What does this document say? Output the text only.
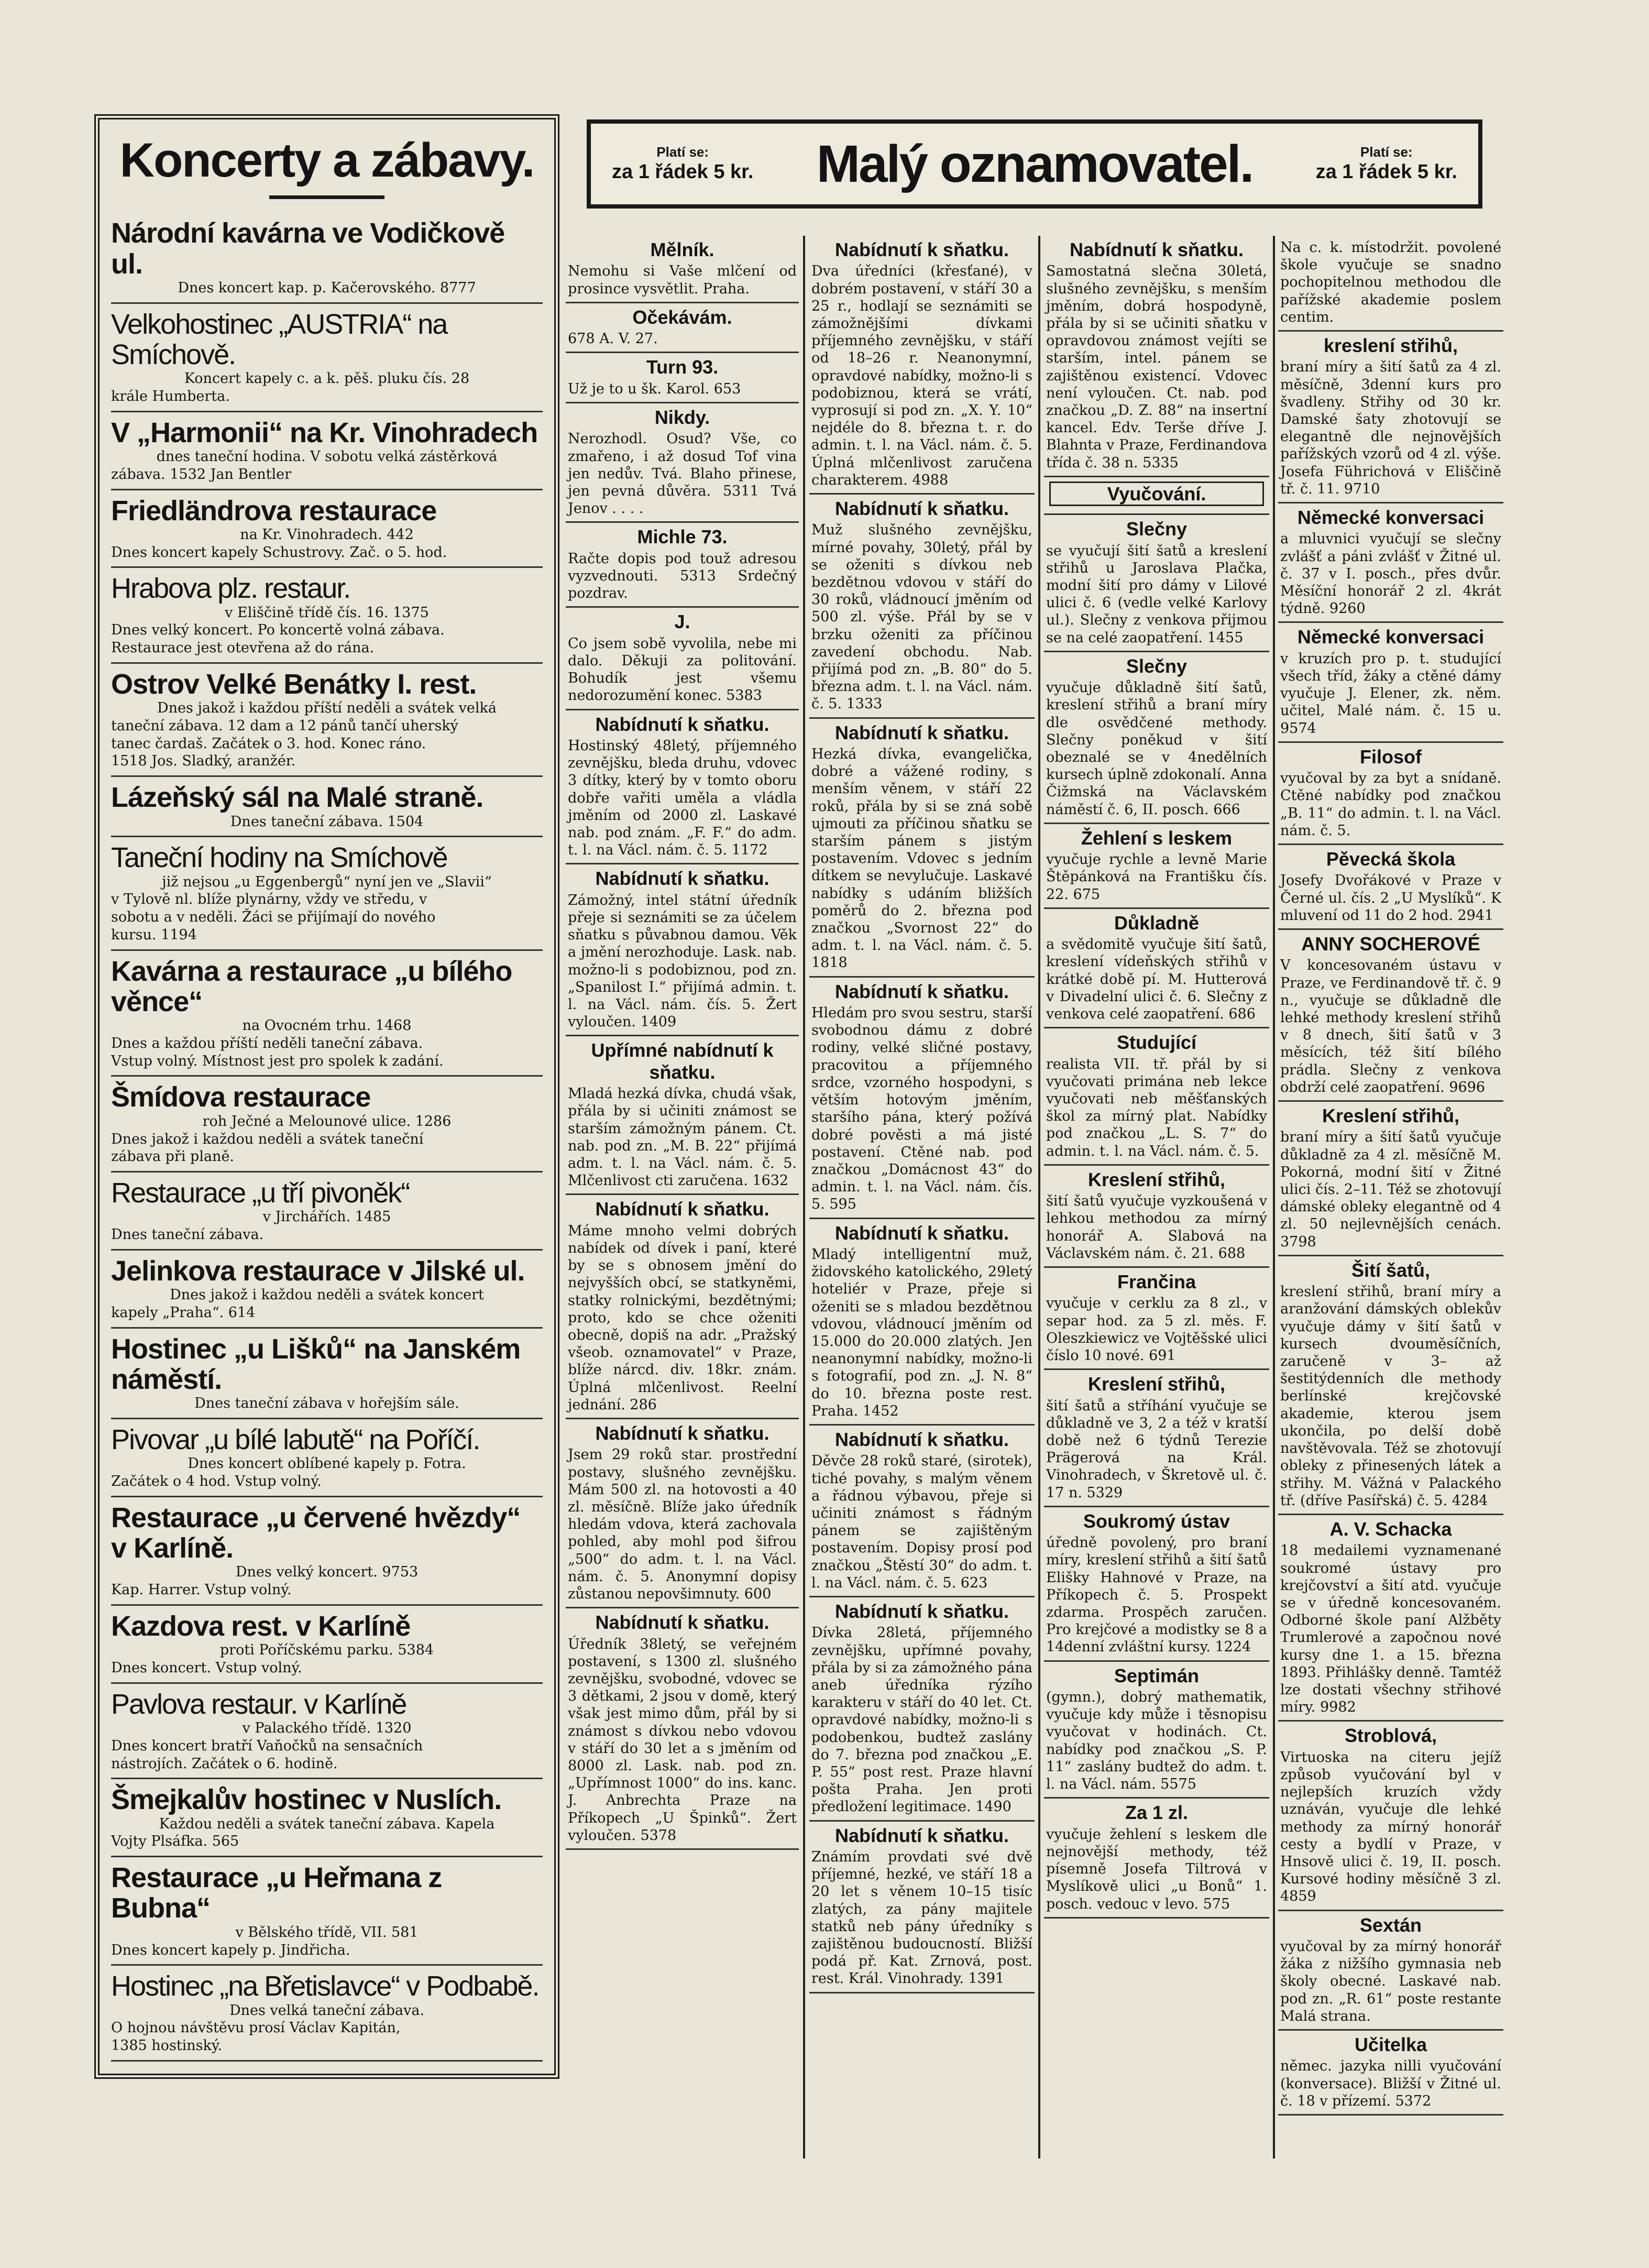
Koncerty a zábavy.
Národní kavárna ve Vodičkově ul.
Dnes koncert kap. p. Kačerovského. 8777
Velkohostinec „AUSTRIA“ na Smíchově.
Koncert kapely c. a k. pěš. pluku čís. 28
krále Humberta.
V „Harmonii“ na Kr. Vinohradech
dnes taneční hodina. V sobotu velká zástěrková
zábava. 1532 Jan Bentler
Friedländrova restaurace
na Kr. Vinohradech. 442
Dnes koncert kapely Schustrovy. Zač. o 5. hod.
Hrabova plz. restaur.
v Eliščině třídě čís. 16. 1375
Dnes velký koncert. Po koncertě volná zábava.
Restaurace jest otevřena až do rána.
Ostrov Velké Benátky I. rest.
Dnes jakož i každou příští neděli a svátek velká
taneční zábava. 12 dam a 12 pánů tančí uherský
tanec čardaš. Začátek o 3. hod. Konec ráno.
1518 Jos. Sladký, aranžér.
Lázeňský sál na Malé straně.
Dnes taneční zábava. 1504
Taneční hodiny na Smíchově
již nejsou „u Eggenbergů“ nyní jen ve „Slavii“
v Tylově nl. blíže plynárny, vždy ve středu, v
sobotu a v neděli. Žáci se přijímají do nového
kursu. 1194
Kavárna a restaurace „u bílého věnce“
na Ovocném trhu. 1468
Dnes a každou příští neděli taneční zábava.
Vstup volný. Místnost jest pro spolek k zadání.
Šmídova restaurace
roh Ječné a Melounové ulice. 1286
Dnes jakož i každou neděli a svátek taneční
zábava při planě.
Restaurace „u tří pivoněk“
v Jirchářích. 1485
Dnes taneční zábava.
Jelinkova restaurace v Jilské ul.
Dnes jakož i každou neděli a svátek koncert
kapely „Praha“. 614
Hostinec „u Lišků“ na Janském náměstí.
Dnes taneční zábava v hořejším sále.
Pivovar „u bílé labutě“ na Poříčí.
Dnes koncert oblíbené kapely p. Fotra.
Začátek o 4 hod. Vstup volný.
Restaurace „u červené hvězdy“ v Karlíně.
Dnes velký koncert. 9753
Kap. Harrer. Vstup volný.
Kazdova rest. v Karlíně
proti Poříčskému parku. 5384
Dnes koncert. Vstup volný.
Pavlova restaur. v Karlíně
v Palackého třídě. 1320
Dnes koncert bratří Vaňočků na sensačních
nástrojích. Začátek o 6. hodině.
Šmejkalův hostinec v Nuslích.
Každou neděli a svátek taneční zábava. Kapela
Vojty Plsáfka. 565
Restaurace „u Heřmana z Bubna“
v Bělského třídě, VII. 581
Dnes koncert kapely p. Jindřicha.
Hostinec „na Břetislavce“ v Podbabě.
Dnes velká taneční zábava.
O hojnou návštěvu prosí Václav Kapitán,
1385 hostinský.
Platí se:
za 1 řádek 5 kr. Malý oznamovatel.	Platí se:
za 1 řádek 5 kr.
Mělník.
Nemohu si Vaše mlčení od prosince vysvětlit. Praha.
Očekávám.
678 A. V. 27.
Turn 93.
Už je to u šk. Karol. 653
Nikdy.
Nerozhodl. Osud? Vše, co zmařeno, i až dosud Tof vina jen nedův. Tvá. Blaho přinese, jen pevná důvěra. 5311 Tvá Jenov . . . .
Michle 73.
Račte dopis pod touž adresou vyzvednouti. 5313 Srdečný pozdrav.
J.
Co jsem sobě vyvolila, nebe mi dalo. Děkuji za politování. Bohudík jest všemu nedorozumění konec. 5383
Nabídnutí k sňatku.
Hostinský 48letý, příjemného zevnějšku, bleda druhu, vdovec 3 dítky, který by v tomto oboru dobře vařiti uměla a vládla jměním od 2000 zl. Laskavé nab. pod znám. „F. F.“ do adm. t. l. na Václ. nám. č. 5. 1172
Nabídnutí k sňatku.
Zámožný, intel státní úředník přeje si seznámiti se za účelem sňatku s půvabnou damou. Věk a jmění nerozhoduje. Lask. nab. možno-li s podobiznou, pod zn. „Spanilost I.“ přijímá admin. t. l. na Václ. nám. čís. 5. Žert vyloučen. 1409
Upřímné nabídnutí k sňatku.
Mladá hezká dívka, chudá však, přála by si učiniti známost se starším zámožným pánem. Ct. nab. pod zn. „M. B. 22“ přijímá adm. t. l. na Václ. nám. č. 5. Mlčenlivost cti zaručena. 1632
Nabídnutí k sňatku.
Máme mnoho velmi dobrých nabídek od dívek i paní, které by se s obnosem jmění do nejvyšších obcí, se statkyněmi, statky rolnickými, bezdětnými; proto, kdo se chce oženiti obecně, dopiš na adr. „Pražský všeob. oznamovatel“ v Praze, blíže nárcd. div. 18kr. znám. Úplná mlčenlivost. Reelní jednání. 286
Nabídnutí k sňatku.
Jsem 29 roků star. prostřední postavy, slušného zevnějšku. Mám 500 zl. na hotovosti a 40 zl. měsíčně. Blíže jako úředník hledám vdova, která zachovala pohled, aby mohl pod šifrou „500“ do adm. t. l. na Václ. nám. č. 5. Anonymní dopisy zůstanou nepovšimnuty. 600
Nabídnutí k sňatku.
Úředník 38letý, se veřejném postavení, s 1300 zl. slušného zevnějšku, svobodné, vdovec se 3 dětkami, 2 jsou v domě, který však jest mimo dům, přál by si známost s dívkou nebo vdovou v stáří do 30 let a s jměním od 8000 zl. Lask. nab. pod zn. „Upřímnost 1000“ do ins. kanc. J. Anbrechta Praze na Příkopech „U Špinků“. Žert vyloučen. 5378
Nabídnutí k sňatku.
Dva úředníci (křesťané), v dobrém postavení, v stáří 30 a 25 r., hodlají se seznámiti se zámožnějšími dívkami příjemného zevnějšku, v stáří od 18–26 r. Neanonymní, opravdové nabídky, možno-li s podobiznou, která se vrátí, vyprosují si pod zn. „X. Y. 10“ nejdéle do 8. března t. r. do admin. t. l. na Václ. nám. č. 5. Úplná mlčenlivost zaručena charakterem. 4988
Nabídnutí k sňatku.
Muž slušného zevnějšku, mírné povahy, 30letý, přál by se oženiti s dívkou neb bezdětnou vdovou v stáří do 30 roků, vládnoucí jměním od 500 zl. výše. Přál by se v brzku oženiti za příčinou zavedení obchodu. Nab. přijímá pod zn. „B. 80“ do 5. března adm. t. l. na Václ. nám. č. 5. 1333
Nabídnutí k sňatku.
Hezká dívka, evangelička, dobré a vážené rodiny, s menším věnem, v stáří 22 roků, přála by si se zná sobě ujmouti za příčinou sňatku se starším pánem s jistým postavením. Vdovec s jedním dítkem se nevylučuje. Laskavé nabídky s udáním bližších poměrů do 2. března pod značkou „Svornost 22“ do adm. t. l. na Václ. nám. č. 5. 1818
Nabídnutí k sňatku.
Hledám pro svou sestru, starší svobodnou dámu z dobré rodiny, velké sličné postavy, pracovitou a příjemného srdce, vzorného hospodyni, s větším hotovým jměním, staršího pána, který požívá dobré pověsti a má jisté postavení. Ctěné nab. pod značkou „Domácnost 43“ do admin. t. l. na Václ. nám. čís. 5. 595
Nabídnutí k sňatku.
Mladý intelligentní muž, židovského katolického, 29letý hoteliér v Praze, přeje si oženiti se s mladou bezdětnou vdovou, vládnoucí jměním od 15.000 do 20.000 zlatých. Jen neanonymní nabídky, možno-li s fotografií, pod zn. „J. N. 8“ do 10. března poste rest. Praha. 1452
Nabídnutí k sňatku.
Děvče 28 roků staré, (sirotek), tiché povahy, s malým věnem a řádnou výbavou, přeje si učiniti známost s řádným pánem se zajištěným postavením. Dopisy prosí pod značkou „Štěstí 30“ do adm. t. l. na Václ. nám. č. 5. 623
Nabídnutí k sňatku.
Dívka 28letá, příjemného zevnějšku, upřímné povahy, přála by si za zámožného pána aneb úředníka rýzího karakteru v stáří do 40 let. Ct. opravdové nabídky, možno-li s podobenkou, budtež zaslány do 7. března pod značkou „E. P. 55“ post rest. Praze hlavní pošta Praha. Jen proti předložení legitimace. 1490
Nabídnutí k sňatku.
Známím provdati své dvě příjemné, hezké, ve stáří 18 a 20 let s věnem 10–15 tisíc zlatých, za pány majitele statků neb pány úředníky s zajištěnou budoucností. Bližší podá př. Kat. Zrnová, post. rest. Král. Vinohrady. 1391
Nabídnutí k sňatku.
Samostatná slečna 30letá, slušného zevnějšku, s menším jměním, dobrá hospodyně, přála by si se učiniti sňatku v opravdovou známost vejíti se starším, intel. pánem se zajištěnou existencí. Vdovec není vyloučen. Ct. nab. pod značkou „D. Z. 88“ na insertní kancel. Edv. Terše dříve J. Blahnta v Praze, Ferdinandova třída č. 38 n. 5335
Vyučování.
Slečny
se vyučují šití šatů a kreslení střihů u Jaroslava Plačka, modní šití pro dámy v Lilové ulici č. 6 (vedle velké Karlovy ul.). Slečny z venkova přijmou se na celé zaopatření. 1455
Slečny
vyučuje důkladně šití šatů, kreslení střihů a braní míry dle osvědčené methody. Slečny poněkud v šití obeznalé se v 4nedělních kursech úplně zdokonalí. Anna Čižmská na Václavském náměstí č. 6, II. posch. 666
Žehlení s leskem
vyučuje rychle a levně Marie Štěpánková na Františku čís. 22. 675
Důkladně
a svědomitě vyučuje šití šatů, kreslení vídeňských střihů v krátké době pí. M. Hutterová v Divadelní ulici č. 6. Slečny z venkova celé zaopatření. 686
Studující
realista VII. tř. přál by si vyučovati primána neb lekce vyučovati neb měšťanských škol za mírný plat. Nabídky pod značkou „L. S. 7“ do admin. t. l. na Václ. nám. č. 5.
Kreslení střihů,
šití šatů vyučuje vyzkoušená v lehkou methodou za mírný honorář A. Slabová na Václavském nám. č. 21. 688
Frančina
vyučuje v cerklu za 8 zl., v separ hod. za 5 zl. měs. F. Oleszkiewicz ve Vojtěšské ulici číslo 10 nové. 691
Kreslení střihů,
šití šatů a stříhání vyučuje se důkladně ve 3, 2 a též v kratší době než 6 týdnů Terezie Prägerová na Král. Vinohradech, v Škretově ul. č. 17 n. 5329
Soukromý ústav
úředně povolený, pro braní míry, kreslení střihů a šití šatů Elišky Hahnové v Praze, na Příkopech č. 5. Prospekt zdarma. Prospěch zaručen. Pro krejčové a modistky se 8 a 14denní zvláštní kursy. 1224
Septimán
(gymn.), dobrý mathematik, vyučuje kdy může i těsnopisu vyučovat v hodinách. Ct. nabídky pod značkou „S. P. 11“ zaslány budtež do adm. t. l. na Václ. nám. 5575
Za 1 zl.
vyučuje žehlení s leskem dle nejnovější methody, též písemně Josefa Tiltrová v Myslíkově ulici „u Bonů“ 1. posch. vedouc v levo. 575
Na c. k. místodržit. povolené škole vyučuje se snadno pochopitelnou methodou dle pařížské akademie poslem centim.
kreslení střihů,
braní míry a šití šatů za 4 zl. měsíčně, 3denní kurs pro švadleny. Střihy od 30 kr. Damské šaty zhotovují se elegantně dle nejnovějších pařížských vzorů od 4 zl. výše. Josefa Führichová v Eliščině tř. č. 11. 9710
Německé konversaci
a mluvnici vyučují se slečny zvlášť a páni zvlášť v Žitné ul. č. 37 v I. posch., přes dvůr. Měsíční honorář 2 zl. 4krát týdně. 9260
Německé konversaci
v kruzích pro p. t. studující všech tříd, žáky a ctěné dámy vyučuje J. Elener, zk. něm. učitel, Malé nám. č. 15 u. 9574
Filosof
vyučoval by za byt a snídaně. Ctěné nabídky pod značkou „B. 11“ do admin. t. l. na Václ. nám. č. 5.
Pěvecká škola
Josefy Dvořákové v Praze v Černé ul. čís. 2 „U Myslíků“. K mluvení od 11 do 2 hod. 2941
ANNY SOCHEROVÉ
V koncesovaném ústavu v Praze, ve Ferdinandově tř. č. 9 n., vyučuje se důkladně dle lehké methody kreslení střihů v 8 dnech, šití šatů v 3 měsících, též šití bílého prádla. Slečny z venkova obdrží celé zaopatření. 9696
Kreslení střihů,
braní míry a šití šatů vyučuje důkladně za 4 zl. měsíčně M. Pokorná, modní šití v Žitné ulici čís. 2–11. Též se zhotovují dámské obleky elegantně od 4 zl. 50 nejlevnějších cenách. 3798
Šití šatů,
kreslení střihů, braní míry a aranžování dámských oblekův vyučuje dámy v šití šatů v kursech dvouměsíčních, zaručeně v 3– až šestitýdenních dle methody berlínské krejčovské akademie, kterou jsem ukončila, po delší době navštěvovala. Též se zhotovují obleky z přinesených látek a střihy. M. Vážná v Palackého tř. (dříve Pasířská) č. 5. 4284
A. V. Schacka
18 medailemi vyznamenané soukromé ústavy pro krejčovství a šití atd. vyučuje se v úředně koncesovaném. Odborné škole paní Alžběty Trumlerové a započnou nové kursy dne 1. a 15. března 1893. Přihlášky denně. Tamtéž lze dostati všechny střihové míry. 9982
Stroblová,
Virtuoska na citeru jejíž způsob vyučování byl v nejlepších kruzích vždy uznáván, vyučuje dle lehké methody za mírný honorář cesty a bydlí v Praze, v Hnsově ulici č. 19, II. posch. Kursové hodiny měsíčně 3 zl. 4859
Sextán
vyučoval by za mírný honorář žáka z nižšího gymnasia neb školy obecné. Laskavé nab. pod zn. „R. 61“ poste restante Malá strana.
Učitelka
němec. jazyka nilli vyučování (konversace). Bližší v Žitné ul. č. 18 v přízemí. 5372
